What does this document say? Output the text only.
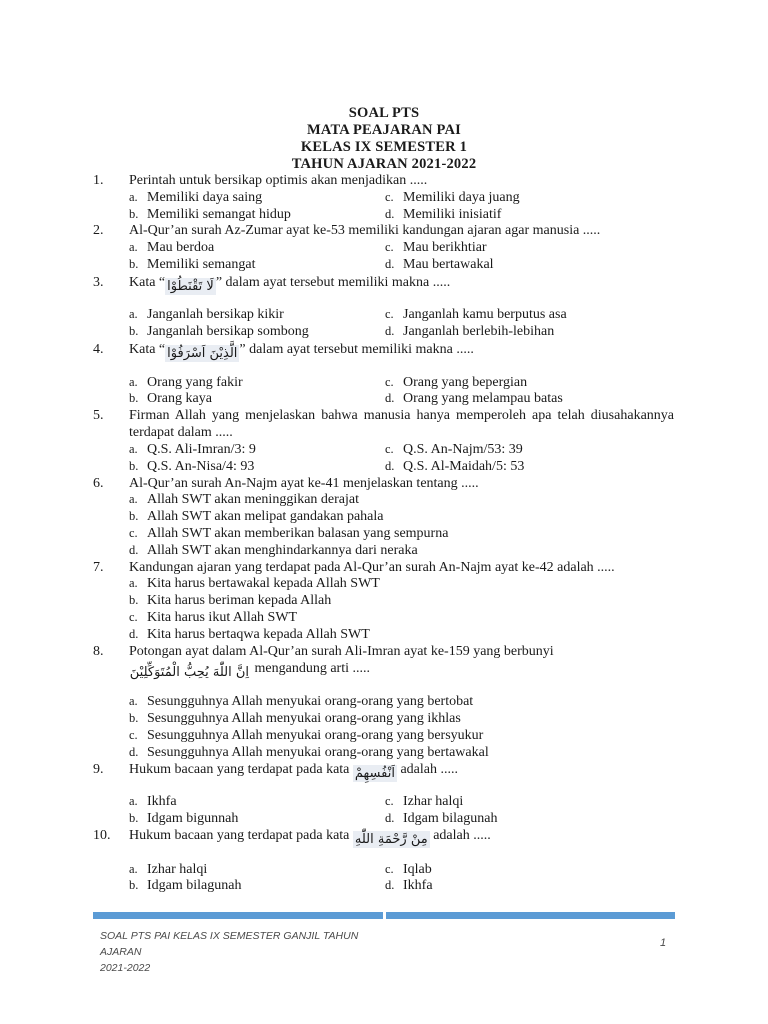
SOAL PTS
MATA PEAJARAN PAI
KELAS IX SEMESTER 1
TAHUN AJARAN 2021-2022
1. Perintah untuk bersikap optimis akan menjadikan .....
a. Memiliki daya saing	c. Memiliki daya juang
b. Memiliki semangat hidup	d. Memiliki inisiatif
2. Al-Qur’an surah Az-Zumar ayat ke-53 memiliki kandungan ajaran agar manusia .....
a. Mau berdoa	c. Mau berikhtiar
b. Memiliki semangat	d. Mau bertawakal
3. Kata “ لَا تَقْنَطُوْا ” dalam ayat tersebut memiliki makna .....
a. Janganlah bersikap kikir	c. Janganlah kamu berputus asa
b. Janganlah bersikap sombong	d. Janganlah berlebih-lebihan
4. Kata “ الَّذِيْنَ اَسْرَفُوْا ” dalam ayat tersebut memiliki makna .....
a. Orang yang fakir	c. Orang yang bepergian
b. Orang kaya	d. Orang yang melampau batas
5. Firman Allah yang menjelaskan bahwa manusia hanya memperoleh apa telah diusahakannya terdapat dalam .....
a. Q.S. Ali-Imran/3: 9	c. Q.S. An-Najm/53: 39
b. Q.S. An-Nisa/4: 93	d. Q.S. Al-Maidah/5: 53
6. Al-Qur’an surah An-Najm ayat ke-41 menjelaskan tentang .....
a. Allah SWT akan meninggikan derajat
b. Allah SWT akan melipat gandakan pahala
c. Allah SWT akan memberikan balasan yang sempurna
d. Allah SWT akan menghindarkannya dari neraka
7. Kandungan ajaran yang terdapat pada Al-Qur’an surah An-Najm ayat ke-42 adalah .....
a. Kita harus bertawakal kepada Allah SWT
b. Kita harus beriman kepada Allah
c. Kita harus ikut Allah SWT
d. Kita harus bertaqwa kepada Allah SWT
8. Potongan ayat dalam Al-Qur’an surah Ali-Imran ayat ke-159 yang berbunyi
اِنَّ اللّٰهَ يُحِبُّ الْمُتَوَكِّلِيْنَ mengandung arti .....
a. Sesungguhnya Allah menyukai orang-orang yang bertobat
b. Sesungguhnya Allah menyukai orang-orang yang ikhlas
c. Sesungguhnya Allah menyukai orang-orang yang bersyukur
d. Sesungguhnya Allah menyukai orang-orang yang bertawakal
9. Hukum bacaan yang terdapat pada kata اَنْفُسِهِمْ adalah .....
a. Ikhfa	c. Izhar halqi
b. Idgam bigunnah	d. Idgam bilagunah
10. Hukum bacaan yang terdapat pada kata مِنْ رَّحْمَةِ اللّٰهِ adalah .....
a. Izhar halqi	c. Iqlab
b. Idgam bilagunah	d. Ikhfa
SOAL PTS PAI KELAS IX SEMESTER GANJIL TAHUN AJARAN
2021-2022
1
